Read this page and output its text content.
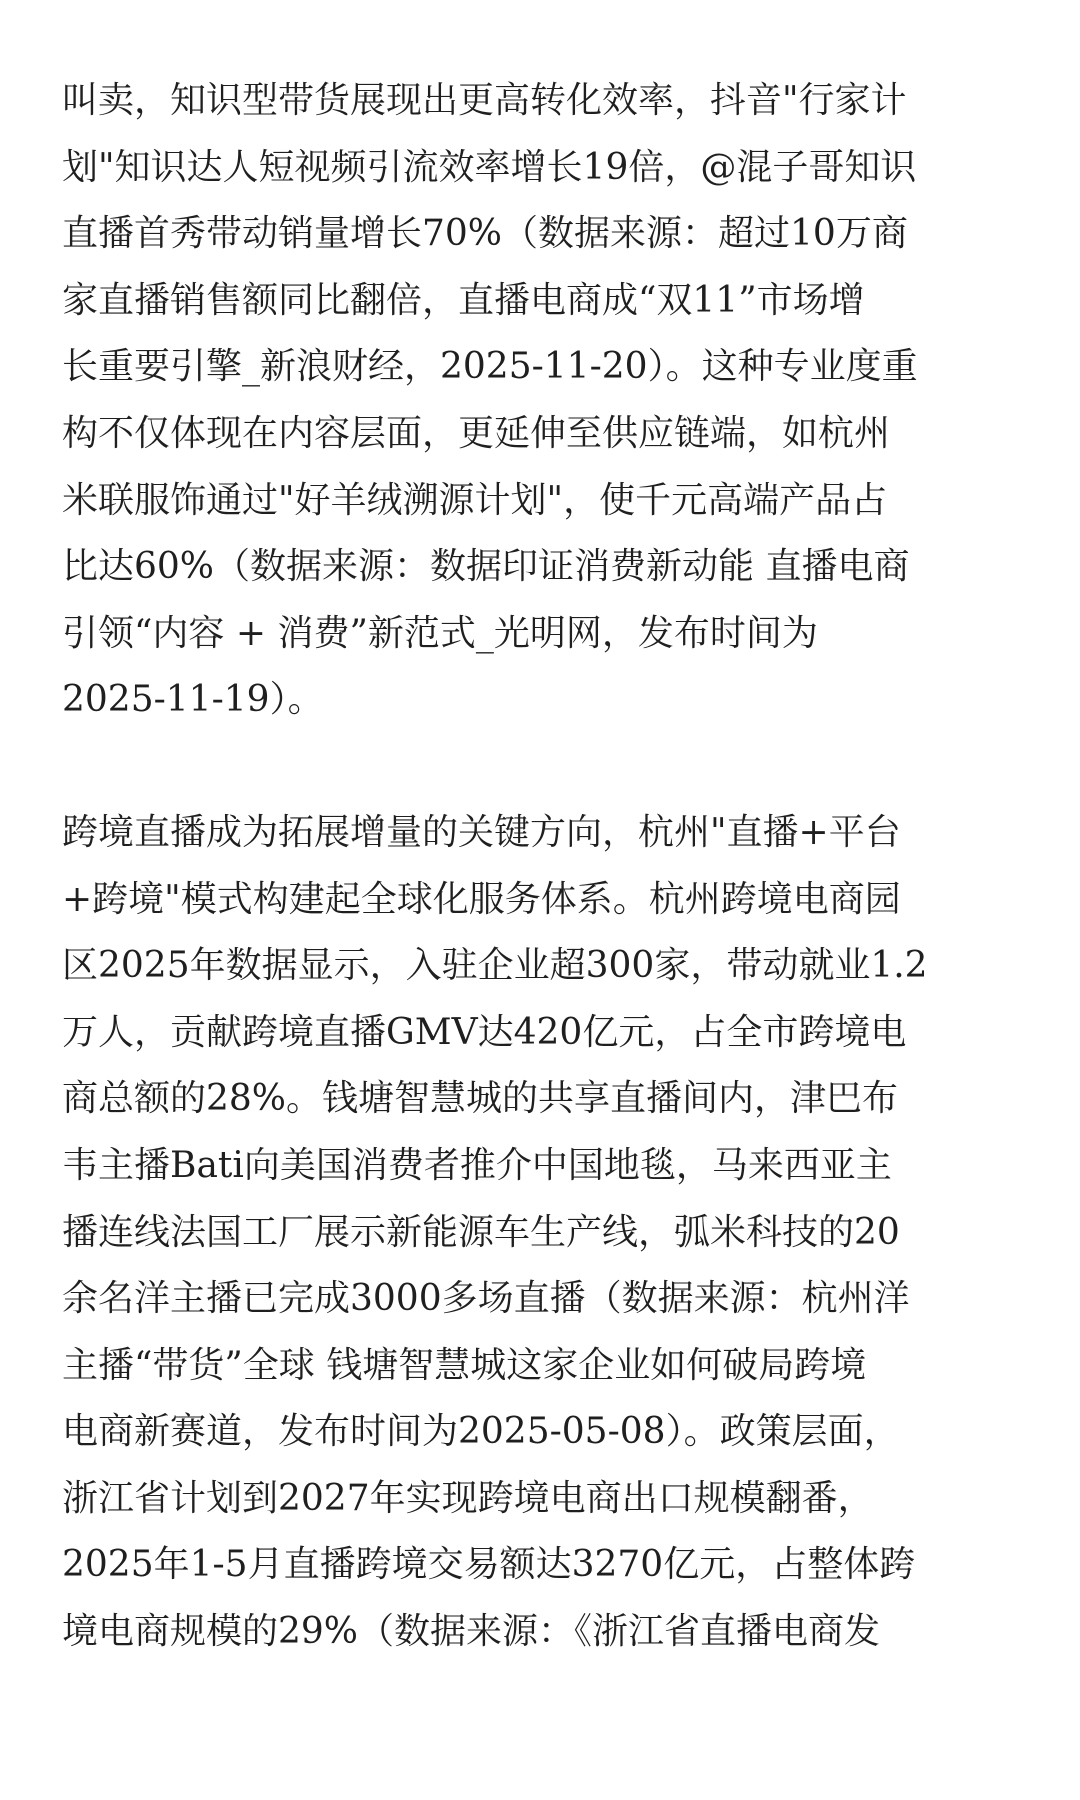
叫卖，知识型带货展现出更高转化效率，抖音"行家计
划"知识达人短视频引流效率增长19倍，@混子哥知识
直播首秀带动销量增长70%（数据来源：超过10万商
家直播销售额同比翻倍，直播电商成“双11”市场增
长重要引擎_新浪财经，2025-11-20）。这种专业度重
构不仅体现在内容层面，更延伸至供应链端，如杭州
米联服饰通过"好羊绒溯源计划"，使千元高端产品占
比达60%（数据来源：数据印证消费新动能 直播电商
引领“内容 + 消费”新范式_光明网，发布时间为
2025-11-19）。
跨境直播成为拓展增量的关键方向，杭州"直播+平台
+跨境"模式构建起全球化服务体系。杭州跨境电商园
区2025年数据显示，入驻企业超300家，带动就业1.2
万人，贡献跨境直播GMV达420亿元，占全市跨境电
商总额的28%。钱塘智慧城的共享直播间内，津巴布
韦主播Bati向美国消费者推介中国地毯，马来西亚主
播连线法国工厂展示新能源车生产线，弧米科技的20
余名洋主播已完成3000多场直播（数据来源：杭州洋
主播“带货”全球 钱塘智慧城这家企业如何破局跨境
电商新赛道，发布时间为2025-05-08）。政策层面，
浙江省计划到2027年实现跨境电商出口规模翻番，
2025年1-5月直播跨境交易额达3270亿元，占整体跨
境电商规模的29%（数据来源：《浙江省直播电商发
